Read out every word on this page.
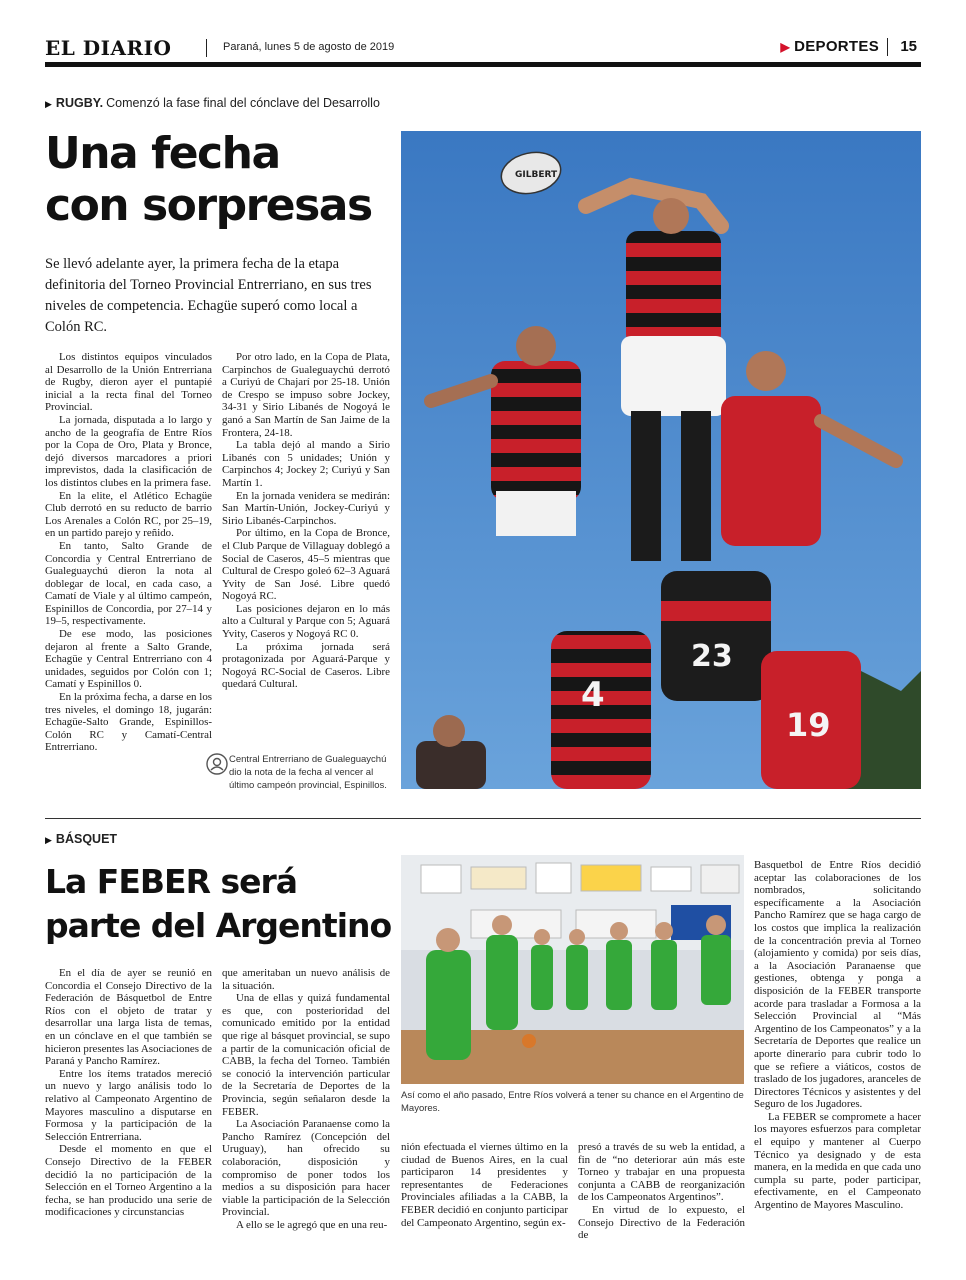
EL DIARIO	Paraná, lunes 5 de agosto de 2019	▶ DEPORTES 15
▶ RUGBY. Comenzó la fase final del cónclave del Desarrollo
Una fecha
con sorpresas

Se llevó adelante ayer, la primera fecha de la etapa definitoria del Torneo Provincial Entrerriano, en sus tres niveles de competencia. Echagüe superó como local a Colón RC.

Los distintos equipos vinculados al Desarrollo de la Unión Entrerriana de Rugby, dieron ayer el puntapié inicial a la recta final del Torneo Provincial.

La jornada, disputada a lo largo y ancho de la geografía de Entre Ríos por la Copa de Oro, Plata y Bronce, dejó diversos marcadores a priori imprevistos, dada la clasificación de los distintos clubes en la primera fase.

En la elite, el Atlético Echagüe Club derrotó en su reducto de barrio Los Arenales a Colón RC, por 25–19, en un partido parejo y reñido.

En tanto, Salto Grande de Concordia y Central Entrerriano de Gualeguaychú dieron la nota al doblegar de local, en cada caso, a Camatí de Viale y al último campeón, Espinillos de Concordia, por 27–14 y 19–5, respectivamente.

De ese modo, las posiciones dejaron al frente a Salto Grande, Echagüe y Central Entrerriano con 4 unidades, seguidos por Colón con 1; Camatí y Espinillos 0.

En la próxima fecha, a darse en los tres niveles, el domingo 18, jugarán: Echagüe-Salto Grande, Espinillos-Colón RC y Camatí-Central Entrerriano.

Por otro lado, en la Copa de Plata, Carpinchos de Gualeguaychú derrotó a Curiyú de Chajarí por 25-18. Unión de Crespo se impuso sobre Jockey, 34-31 y Sirio Libanés de Nogoyá le ganó a San Martín de San Jaime de la Frontera, 24-18.

La tabla dejó al mando a Sirio Libanés con 5 unidades; Unión y Carpinchos 4; Jockey 2; Curiyú y San Martín 1.

En la jornada venidera se medirán: San Martín-Unión, Jockey-Curiyú y Sirio Libanés-Carpinchos.

Por último, en la Copa de Bronce, el Club Parque de Villaguay doblegó a Social de Caseros, 45–5 mientras que Cultural de Crespo goleó 62–3 Aguará Yvity de San José. Libre quedó Nogoyá RC.

Las posiciones dejaron en lo más alto a Cultural y Parque con 5; Aguará Yvity, Caseros y Nogoyá RC 0.

La próxima jornada será protagonizada por Aguará-Parque y Nogoyá RC-Social de Caseros. Libre quedará Cultural.

GILBERT
23
4
19

Central Entrerriano de Gualeguaychú dio la nota de la fecha al vencer al último campeón provincial, Espinillos.

▶ BÁSQUET
La FEBER será
parte del Argentino

En el día de ayer se reunió en Concordia el Consejo Directivo de la Federación de Básquetbol de Entre Ríos con el objeto de tratar y desarrollar una larga lista de temas, en un cónclave en el que también se hicieron presentes las Asociaciones de Paraná y Pancho Ramírez.

Entre los ítems tratados mereció un nuevo y largo análisis todo lo relativo al Campeonato Argentino de Mayores masculino a disputarse en Formosa y la participación de la Selección Entrerriana.

Desde el momento en que el Consejo Directivo de la FEBER decidió la no participación de la Selección en el Torneo Argentino a la fecha, se han producido una serie de modificaciones y circunstancias

que ameritaban un nuevo análisis de la situación.

Una de ellas y quizá fundamental es que, con posterioridad del comunicado emitido por la entidad que rige al básquet provincial, se supo a partir de la comunicación oficial de CABB, la fecha del Torneo. También se conoció la intervención particular de la Secretaría de Deportes de la Provincia, según señalaron desde la FEBER.

La Asociación Paranaense como la Pancho Ramírez (Concepción del Uruguay), han ofrecido su colaboración, disposición y compromiso de poner todos los medios a su disposición para hacer viable la participación de la Selección Provincial.

A ello se le agregó que en una reu-

Así como el año pasado, Entre Ríos volverá a tener su chance en el Argentino de Mayores.

nión efectuada el viernes último en la ciudad de Buenos Aires, en la cual participaron 14 presidentes y representantes de Federaciones Provinciales afiliadas a la CABB, la FEBER decidió en conjunto participar del Campeonato Argentino, según ex-

presó a través de su web la entidad, a fin de “no deteriorar aún más este Torneo y trabajar en una propuesta conjunta a CABB de reorganización de los Campeonatos Argentinos”.

En virtud de lo expuesto, el Consejo Directivo de la Federación de

Basquetbol de Entre Ríos decidió aceptar las colaboraciones de los nombrados, solicitando específicamente a la Asociación Pancho Ramírez que se haga cargo de los costos que implica la realización de la concentración previa al Torneo (alojamiento y comida) por seis días, a la Asociación Paranaense que gestiones, obtenga y ponga a disposición de la FEBER transporte acorde para trasladar a Formosa a la Selección Provincial al “Más Argentino de los Campeonatos” y a la Secretaría de Deportes que realice un aporte dinerario para cubrir todo lo que se refiere a viáticos, costos de traslado de los jugadores, aranceles de Directores Técnicos y asistentes y del Seguro de los Jugadores.

La FEBER se compromete a hacer los mayores esfuerzos para completar el equipo y mantener al Cuerpo Técnico ya designado y de esta manera, en la medida en que cada uno cumpla su parte, poder participar, efectivamente, en el Campeonato Argentino de Mayores Masculino.
